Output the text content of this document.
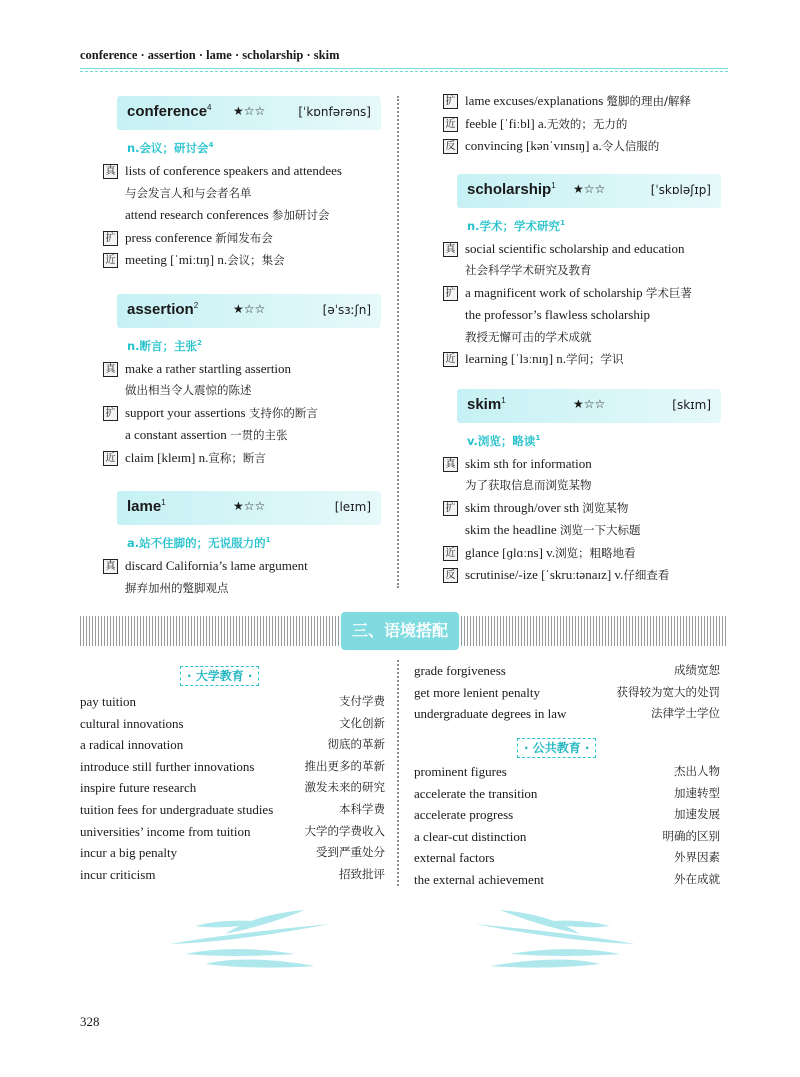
conference · assertion · lame · scholarship · skim
conference$^4$ ★☆☆	[ˈkɒnfərəns]
n.会议；研讨会$^4$
真 lists of conference speakers and attendees
与会发言人和与会者名单
attend research conferences 参加研讨会
扩 press conference 新闻发布会
近 meeting [ˈmiːtɪŋ] n.会议；集会
assertion$^2$	★☆☆	[əˈsɜːʃn]
n.断言；主张$^2$
真 make a rather startling assertion
做出相当令人震惊的陈述
扩 support your assertions 支持你的断言
a constant assertion 一贯的主张
近 claim [kleɪm] n.宣称；断言
lame$^1$	★☆☆	[leɪm]
a.站不住脚的；无说服力的$^1$
真 discard California’s lame argument
摒弃加州的蹩脚观点
扩 lame excuses/explanations 蹩脚的理由/解释
近 feeble [ˈfiːbl] a.无效的；无力的
反 convincing [kənˈvɪnsɪŋ] a.令人信服的
scholarship$^1$ ★☆☆	[ˈskɒləʃɪp]
n.学术；学术研究$^1$
真 social scientific scholarship and education
社会科学学术研究及教育
扩 a magnificent work of scholarship 学术巨著
the professor’s flawless scholarship
教授无懈可击的学术成就
近 learning [ˈlɜːnɪŋ] n.学问；学识
skim$^1$	★☆☆	[skɪm]
v.浏览；略读$^1$
真 skim sth for information
为了获取信息而浏览某物
扩 skim through/over sth 浏览某物
skim the headline 浏览一下大标题
近 glance [ɡlɑːns] v.浏览；粗略地看
反 scrutinise/-ize [ˈskruːtənaɪz] v.仔细查看
三、语境搭配
· 大学教育 ·
· 公共教育 ·
pay tuition	支付学费
cultural innovations	文化创新
a radical innovation	彻底的革新
introduce still further innovations	推出更多的革新
inspire future research	激发未来的研究
tuition fees for undergraduate studies	本科学费
universities’ income from tuition	大学的学费收入
incur a big penalty	受到严重处分
incur criticism	招致批评
grade forgiveness	成绩宽恕
get more lenient penalty	获得较为宽大的处罚
undergraduate degrees in law	法律学士学位
prominent figures	杰出人物
accelerate the transition	加速转型
accelerate progress	加速发展
a clear-cut distinction	明确的区别
external factors	外界因素
the external achievement	外在成就
328
